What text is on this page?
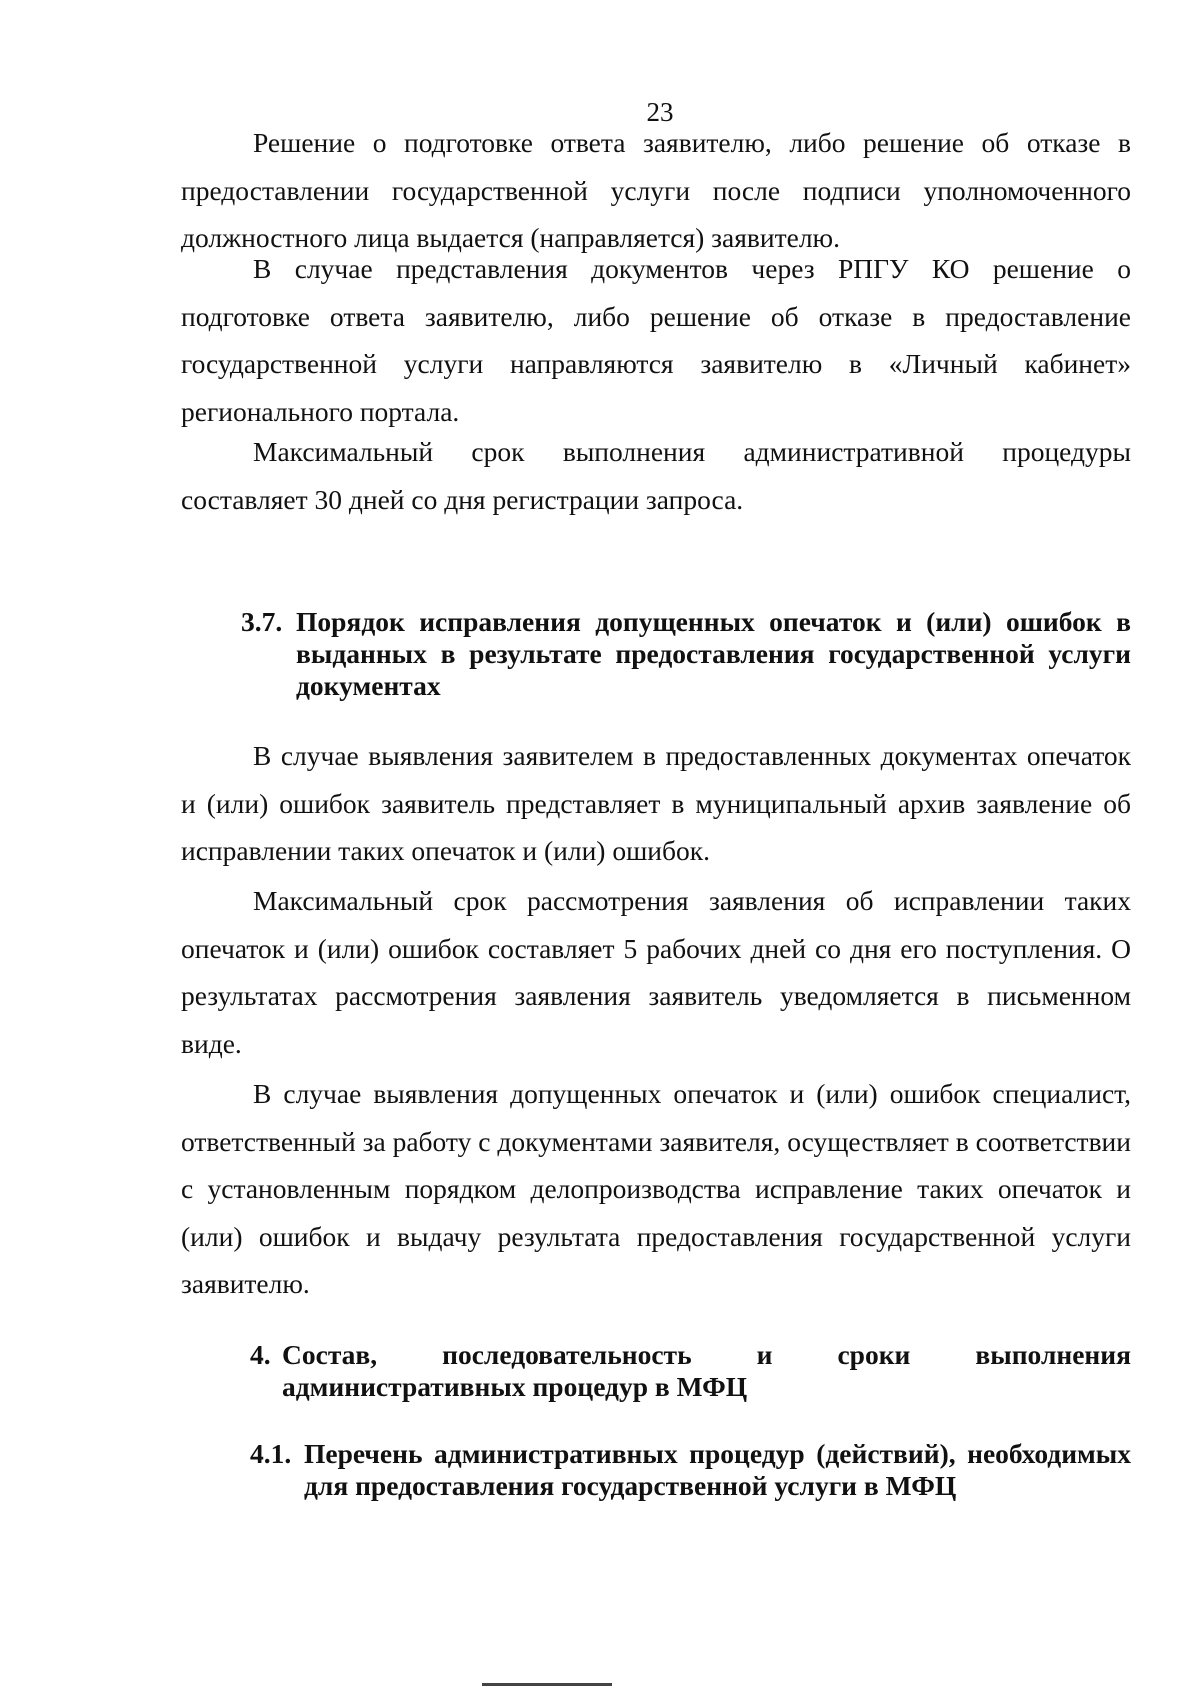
23

Решение о подготовке ответа заявителю, либо решение об отказе в предоставлении государственной услуги после подписи уполномоченного должностного лица выдается (направляется) заявителю.

В случае представления документов через РПГУ КО решение о подготовке ответа заявителю, либо решение об отказе в предоставление государственной услуги направляются заявителю в «Личный кабинет» регионального портала.

Максимальный срок выполнения административной процедуры составляет 30 дней со дня регистрации запроса.

3.7. Порядок исправления допущенных опечаток и (или) ошибок в выданных в результате предоставления государственной услуги документах

В случае выявления заявителем в предоставленных документах опечаток и (или) ошибок заявитель представляет в муниципальный архив заявление об исправлении таких опечаток и (или) ошибок.

Максимальный срок рассмотрения заявления об исправлении таких опечаток и (или) ошибок составляет 5 рабочих дней со дня его поступления. О результатах рассмотрения заявления заявитель уведомляется в письменном виде.

В случае выявления допущенных опечаток и (или) ошибок специалист, ответственный за работу с документами заявителя, осуществляет в соответствии с установленным порядком делопроизводства исправление таких опечаток и (или) ошибок и выдачу результата предоставления государственной услуги заявителю.

4. Состав, последовательность и сроки выполнения административных процедур в МФЦ
4.1. Перечень административных процедур (действий), необходимых для предоставления государственной услуги в МФЦ
